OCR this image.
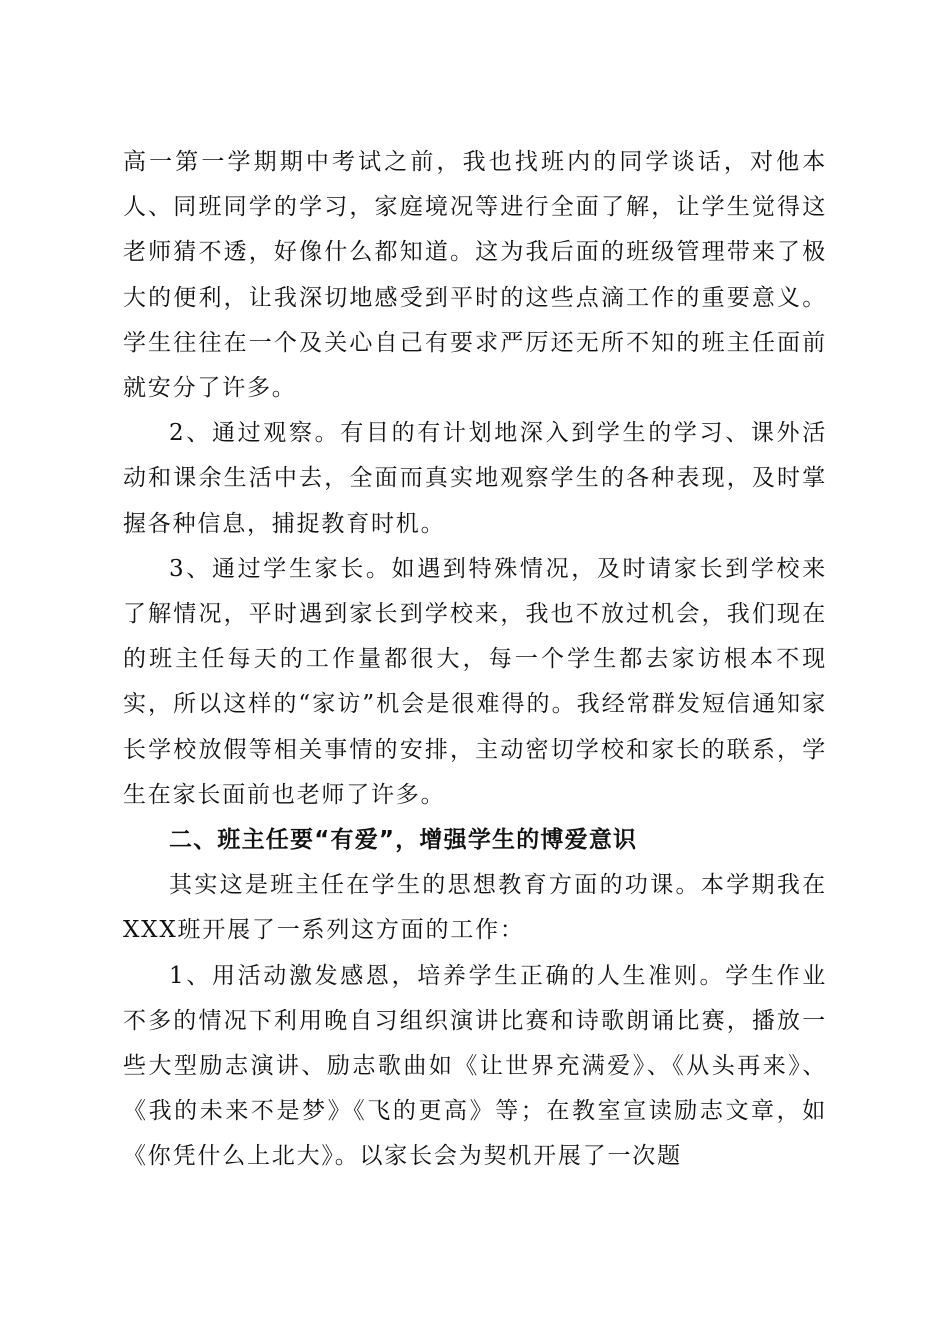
高一第一学期期中考试之前，我也找班内的同学谈话，对他本人、同班同学的学习，家庭境况等进行全面了解，让学生觉得这老师猜不透，好像什么都知道。这为我后面的班级管理带来了极大的便利，让我深切地感受到平时的这些点滴工作的重要意义。学生往往在一个及关心自己有要求严厉还无所不知的班主任面前就安分了许多。

2、通过观察。有目的有计划地深入到学生的学习、课外活动和课余生活中去，全面而真实地观察学生的各种表现，及时掌握各种信息，捕捉教育时机。

3、通过学生家长。如遇到特殊情况，及时请家长到学校来了解情况，平时遇到家长到学校来，我也不放过机会，我们现在的班主任每天的工作量都很大，每一个学生都去家访根本不现实，所以这样的“家访”机会是很难得的。我经常群发短信通知家长学校放假等相关事情的安排，主动密切学校和家长的联系，学生在家长面前也老师了许多。

二、班主任要“有爱”，增强学生的博爱意识

其实这是班主任在学生的思想教育方面的功课。本学期我在XXX班开展了一系列这方面的工作：

1、用活动激发感恩，培养学生正确的人生准则。学生作业不多的情况下利用晚自习组织演讲比赛和诗歌朗诵比赛，播放一些大型励志演讲、励志歌曲如《让世界充满爱》、《从头再来》、《我的未来不是梦》《飞的更高》等；在教室宣读励志文章，如《你凭什么上北大》。以家长会为契机开展了一次题
